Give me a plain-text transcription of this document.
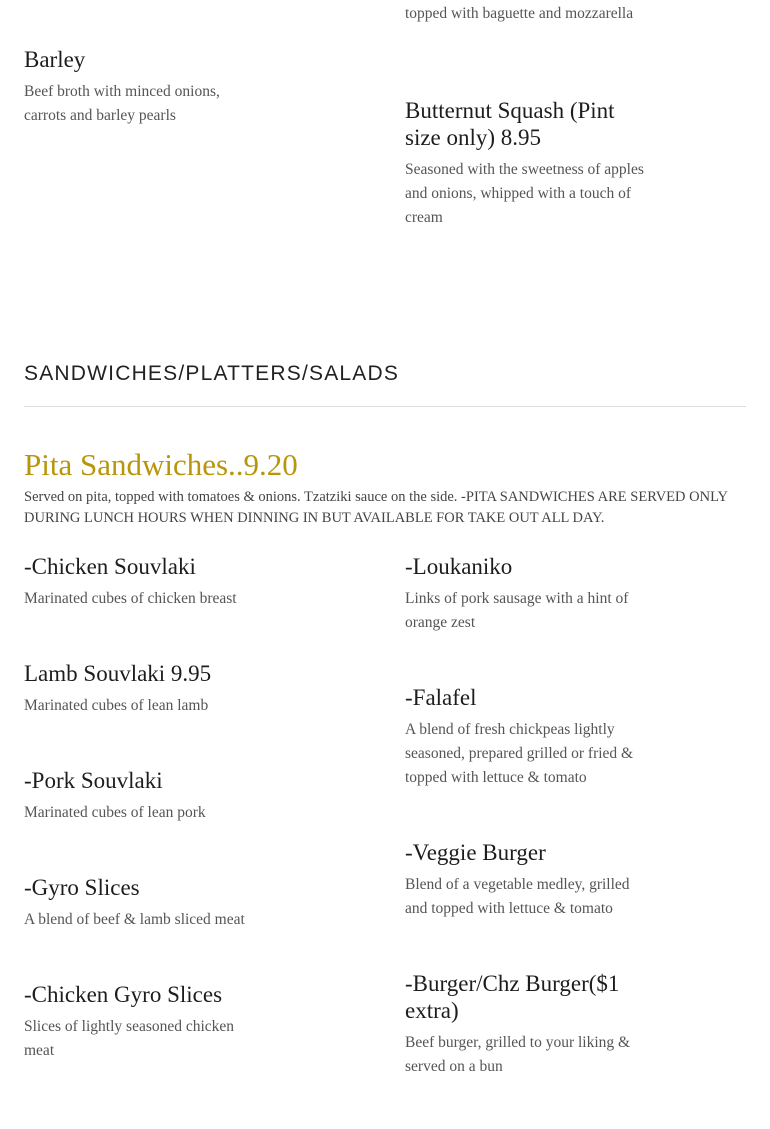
topped with baguette and mozzarella

Barley

Beef broth with minced onions, carrots and barley pearls	Butternut Squash (Pint size only) 8.95

Seasoned with the sweetness of apples and onions, whipped with a touch of cream

SANDWICHES/PLATTERS/SALADS
Pita Sandwiches..9.20

Served on pita, topped with tomatoes & onions. Tzatziki sauce on the side. -PITA SANDWICHES ARE SERVED ONLY DURING LUNCH HOURS WHEN DINNING IN BUT AVAILABLE FOR TAKE OUT ALL DAY.

-Chicken Souvlaki

Marinated cubes of chicken breast

Lamb Souvlaki 9.95

Marinated cubes of lean lamb

-Pork Souvlaki

Marinated cubes of lean pork

-Gyro Slices

A blend of beef & lamb sliced meat

-Chicken Gyro Slices

Slices of lightly seasoned chicken meat

-Loukaniko

Links of pork sausage with a hint of orange zest

-Falafel

A blend of fresh chickpeas lightly seasoned, prepared grilled or fried & topped with lettuce & tomato

-Veggie Burger

Blend of a vegetable medley, grilled and topped with lettuce & tomato

-Burger/Chz Burger($1 extra)

Beef burger, grilled to your liking & served on a bun
